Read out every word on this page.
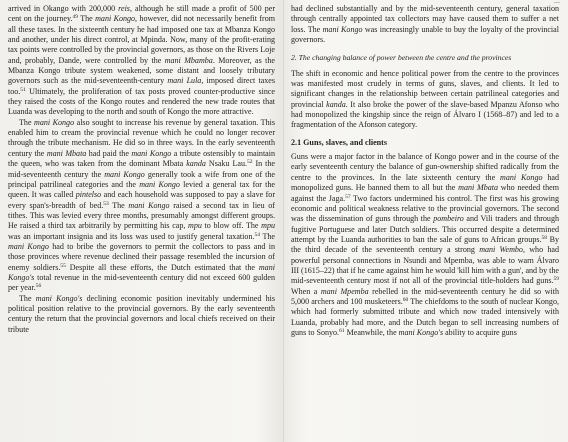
—

arrived in Okango with 200,000 reis, although he still made a profit of 500 per cent on the journey.$^{49}$ The mani Kongo, however, did not necessarily benefit from all these taxes. In the sixteenth century he had imposed one tax at Mbanza Kongo and another, under his direct control, at Mpinda. Now, many of the profit-erating tax points were controlled by the provincial governors, as those on the Rivers Loje and, probably, Dande, were controlled by the mani Mbamba. Moreover, as the Mbanza Kongo tribute system weakened, some distant and loosely tributary governors such as the mid-seventeenth-century mani Lula, imposed direct taxes too.$^{51}$ Ultimately, the proliferation of tax posts proved counter-productive since they raised the costs of the Kongo routes and rendered the new trade routes that Luanda was developing to the north and south of Kongo the more attractive.

The mani Kongo also sought to increase his revenue by general taxation. This enabled him to cream the provincial revenue which he could no longer recover through the tribute mechanism. He did so in three ways. In the early seventeenth century the mani Mbata had paid the mani Kongo a tribute ostensibly to maintain the queen, who was taken from the dominant Mbata kanda Nsaku Lau.$^{52}$ In the mid-seventeenth century the mani Kongo generally took a wife from one of the principal patrilineal categories and the mani Kongo levied a general tax for the queen. It was called pintelso and each household was supposed to pay a slave for every span's-breadth of bed.$^{53}$ The mani Kongo raised a second tax in lieu of tithes. This was levied every three months, presumably amongst different groups. He raised a third tax arbitrarily by permitting his cap, mpu to blow off. The mpu was an important insignia and its loss was used to justify general taxation.$^{54}$ The mani Kongo had to bribe the governors to permit the collectors to pass and in those provinces where revenue declined their passage resembled the incursion of enemy soldiers.$^{55}$ Despite all these efforts, the Dutch estimated that the mani Kongo's total revenue in the mid-seventeenth century did not exceed 600 gulden per year.$^{56}$

The mani Kongo's declining economic position inevitably undermined his political position relative to the provincial governors. By the early seventeenth century the return that the provincial governors and local chiefs received on their tribute

had declined substantially and by the mid-seventeenth century, general taxation through centrally appointed tax collectors may have caused them to suffer a net loss. The mani Kongo was increasingly unable to buy the loyalty of the provincial governors.

2. The changing balance of power between the centre and the provinces

The shift in economic and hence political power from the centre to the provinces was manifested most crudely in terms of guns, slaves, and clients. It led to significant changes in the relationship between certain patrilineal categories and provincial kanda. It also broke the power of the slave-based Mpanzu Afonso who had monopolized the kingship since the reign of Álvaro I (1568–87) and led to a fragmentation of the Afonson category.

2.1 Guns, slaves, and clients

Guns were a major factor in the balance of Kongo power and in the course of the early seventeenth century the balance of gun-ownership shifted radically from the centre to the provinces. In the late sixteenth century the mani Kongo had monopolized guns. He banned them to all but the mani Mbata who needed them against the Jaga.$^{57}$ Two factors undermined his control. The first was his growing economic and political weakness relative to the provincial governors. The second was the dissemination of guns through the pombeiro and Vili traders and through fugitive Portuguese and later Dutch soldiers. This occurred despite a determined attempt by the Luanda authorities to ban the sale of guns to African groups.$^{58}$ By the third decade of the seventeenth century a strong mani Wembo, who had powerful personal connections in Nsundi and Mpemba, was able to warn Álvaro III (1615–22) that if he came against him he would 'kill him with a gun', and by the mid-seventeenth century most if not all of the provincial title-holders had guns.$^{59}$ When a mani Mpemba rebelled in the mid-seventeenth century he did so with 5,000 archers and 100 musketeers.$^{60}$ The chiefdoms to the south of nuclear Kongo, which had formerly submitted tribute and which now traded intensively with Luanda, probably had more, and the Dutch began to sell increasing numbers of guns to Sonyo.$^{61}$ Meanwhile, the mani Kongo's ability to acquire guns
